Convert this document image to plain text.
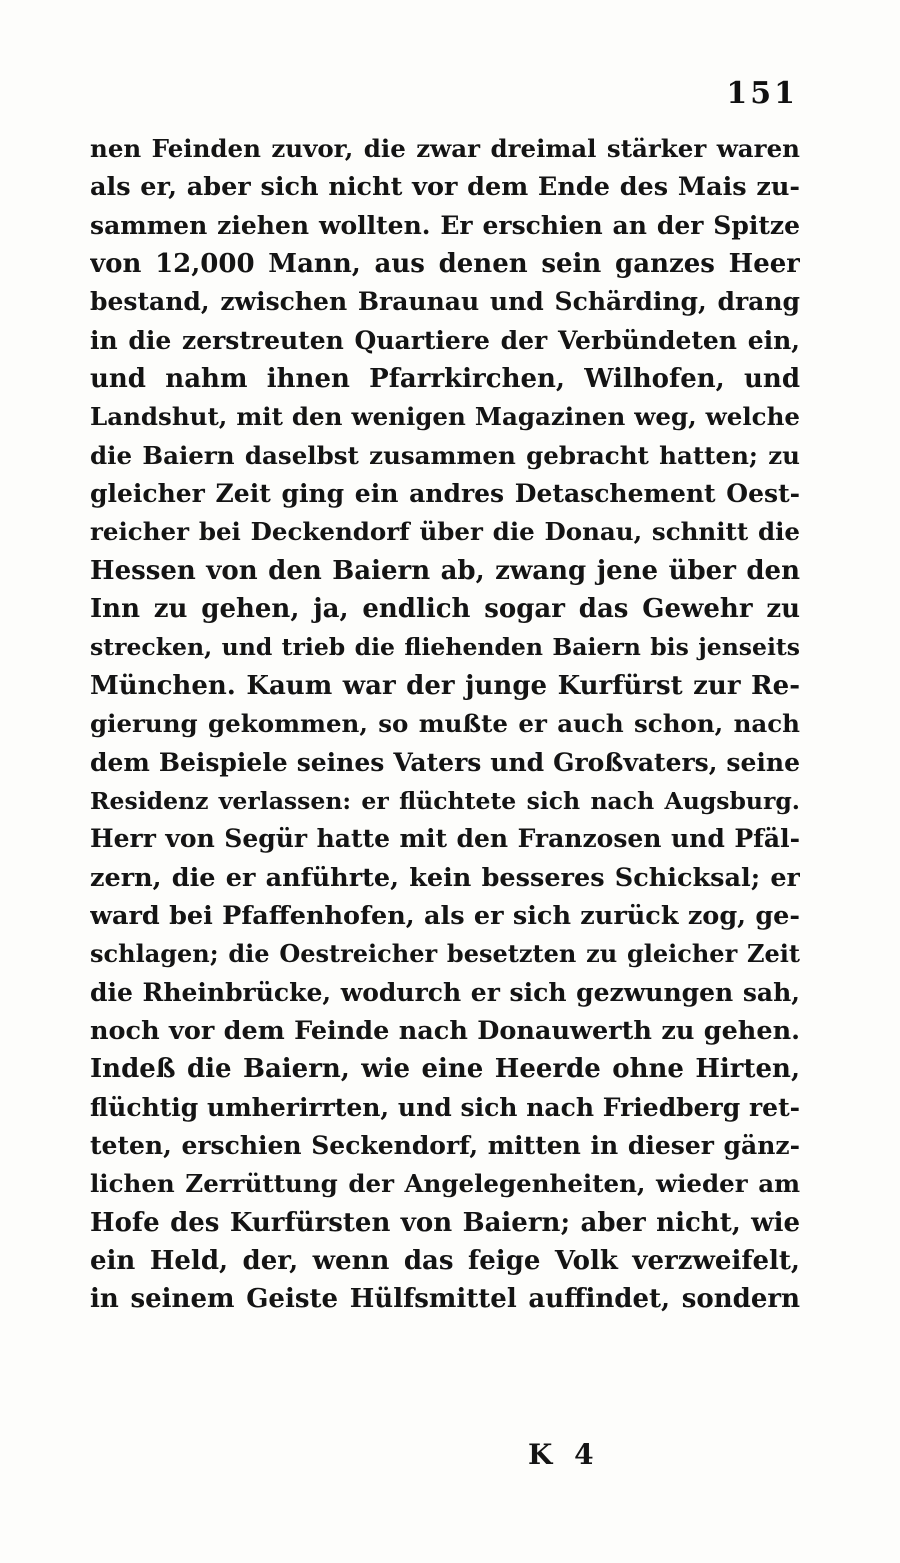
151
nen Feinden zuvor, die zwar dreimal stärker waren
als er, aber sich nicht vor dem Ende des Mais zu-
sammen ziehen wollten. Er erschien an der Spitze
von 12,000 Mann, aus denen sein ganzes Heer
bestand, zwischen Braunau und Schärding, drang
in die zerstreuten Quartiere der Verbündeten ein,
und nahm ihnen Pfarrkirchen, Wilhofen, und
Landshut, mit den wenigen Magazinen weg, welche
die Baiern daselbst zusammen gebracht hatten; zu
gleicher Zeit ging ein andres Detaschement Oest-
reicher bei Deckendorf über die Donau, schnitt die
Hessen von den Baiern ab, zwang jene über den
Inn zu gehen, ja, endlich sogar das Gewehr zu
strecken, und trieb die fliehenden Baiern bis jenseits
München. Kaum war der junge Kurfürst zur Re-
gierung gekommen, so mußte er auch schon, nach
dem Beispiele seines Vaters und Großvaters, seine
Residenz verlassen: er flüchtete sich nach Augsburg.
Herr von Segür hatte mit den Franzosen und Pfäl-
zern, die er anführte, kein besseres Schicksal; er
ward bei Pfaffenhofen, als er sich zurück zog, ge-
schlagen; die Oestreicher besetzten zu gleicher Zeit
die Rheinbrücke, wodurch er sich gezwungen sah,
noch vor dem Feinde nach Donauwerth zu gehen.
Indeß die Baiern, wie eine Heerde ohne Hirten,
flüchtig umherirrten, und sich nach Friedberg ret-
teten, erschien Seckendorf, mitten in dieser gänz-
lichen Zerrüttung der Angelegenheiten, wieder am
Hofe des Kurfürsten von Baiern; aber nicht, wie
ein Held, der, wenn das feige Volk verzweifelt,
in seinem Geiste Hülfsmittel auffindet, sondern
K 4
